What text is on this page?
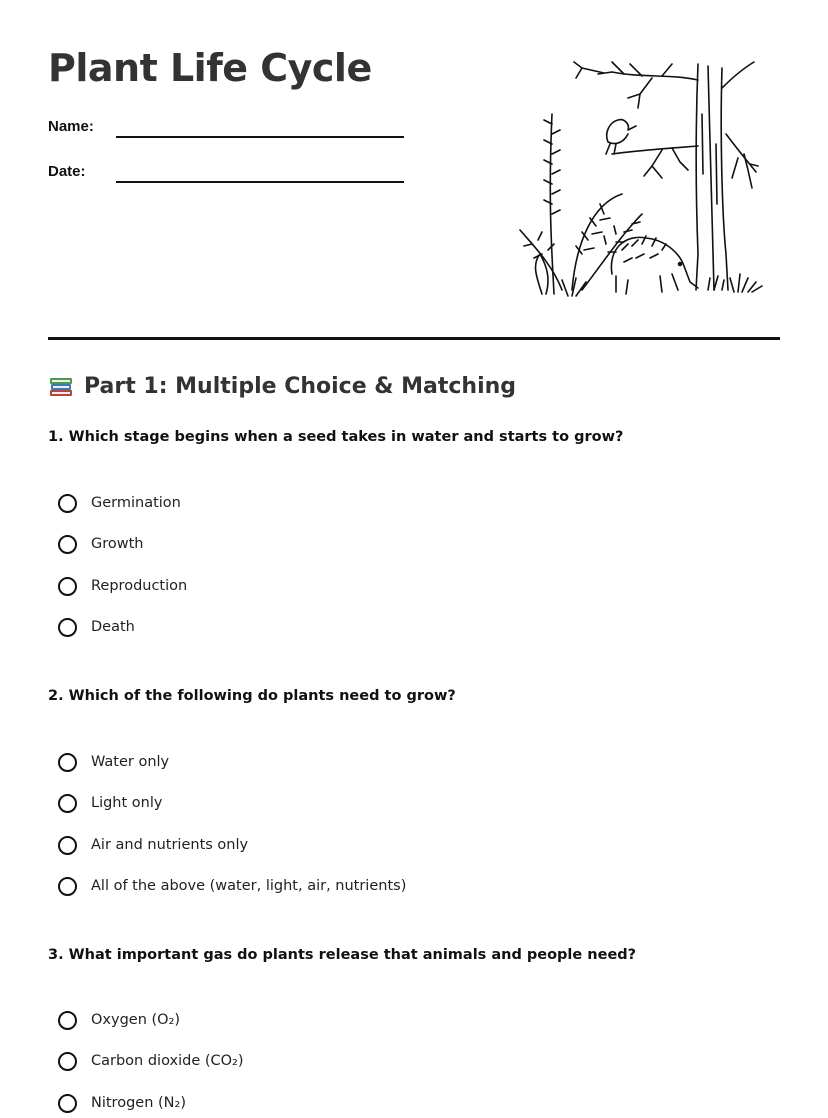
Plant Life Cycle
Name:
Date:
Part 1: Multiple Choice & Matching

1. Which stage begins when a seed takes in water and starts to grow?

Germination
Growth
Reproduction
Death

2. Which of the following do plants need to grow?

Water only
Light only
Air and nutrients only
All of the above (water, light, air, nutrients)

3. What important gas do plants release that animals and people need?

Oxygen (O₂)
Carbon dioxide (CO₂)
Nitrogen (N₂)
